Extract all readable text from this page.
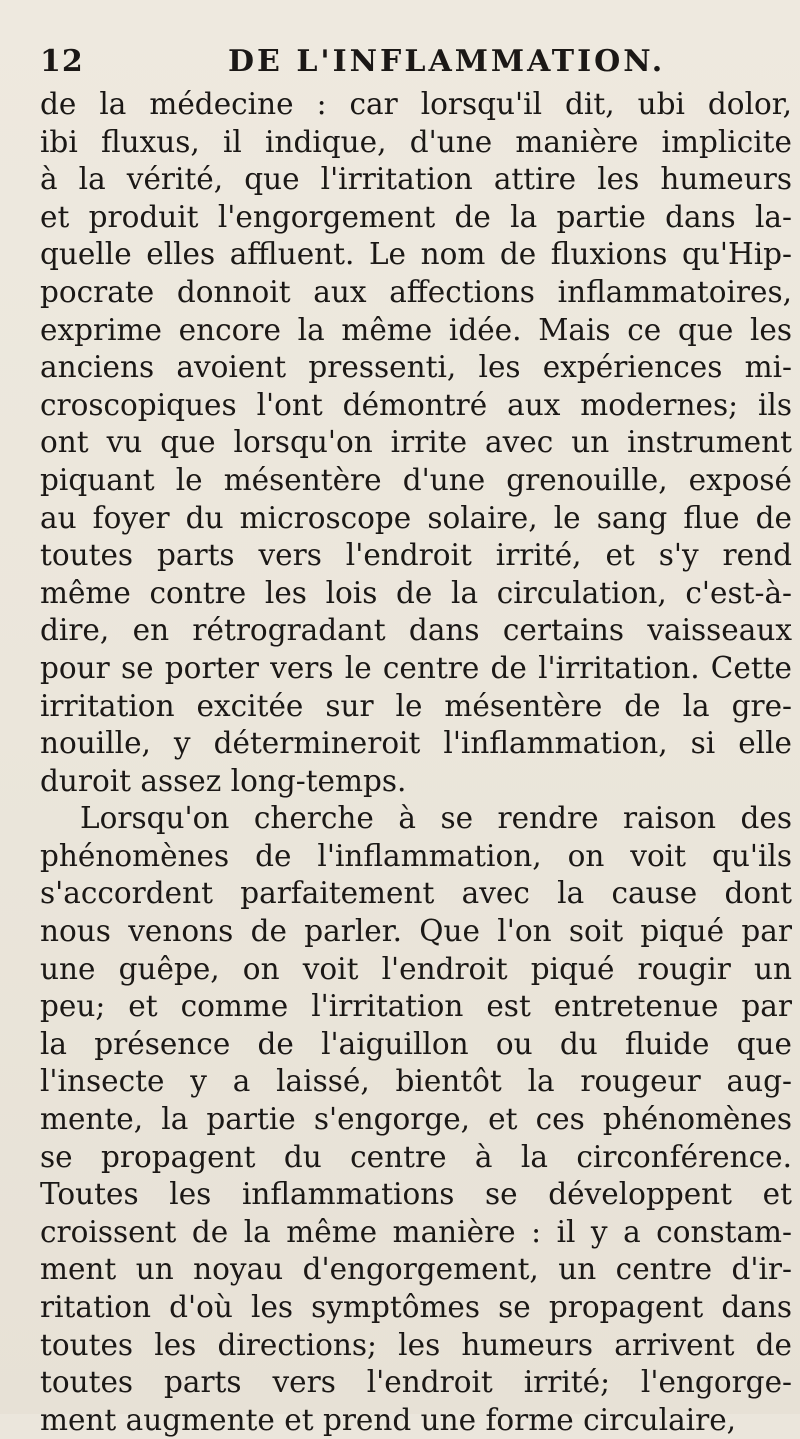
12	DE L'INFLAMMATION.
de la médecine : car lorsqu'il dit, ubi dolor,
ibi fluxus, il indique, d'une manière implicite
à la vérité, que l'irritation attire les humeurs
et produit l'engorgement de la partie dans la-
quelle elles affluent. Le nom de fluxions qu'Hip-
pocrate donnoit aux affections inflammatoires,
exprime encore la même idée. Mais ce que les
anciens avoient pressenti, les expériences mi-
croscopiques l'ont démontré aux modernes; ils
ont vu que lorsqu'on irrite avec un instrument
piquant le mésentère d'une grenouille, exposé
au foyer du microscope solaire, le sang flue de
toutes parts vers l'endroit irrité, et s'y rend
même contre les lois de la circulation, c'est-à-
dire, en rétrogradant dans certains vaisseaux
pour se porter vers le centre de l'irritation. Cette
irritation excitée sur le mésentère de la gre-
nouille, y détermineroit l'inflammation, si elle
duroit assez long-temps.
Lorsqu'on cherche à se rendre raison des
phénomènes de l'inflammation, on voit qu'ils
s'accordent parfaitement avec la cause dont
nous venons de parler. Que l'on soit piqué par
une guêpe, on voit l'endroit piqué rougir un
peu; et comme l'irritation est entretenue par
la présence de l'aiguillon ou du fluide que
l'insecte y a laissé, bientôt la rougeur aug-
mente, la partie s'engorge, et ces phénomènes
se propagent du centre à la circonférence.
Toutes les inflammations se développent et
croissent de la même manière : il y a constam-
ment un noyau d'engorgement, un centre d'ir-
ritation d'où les symptômes se propagent dans
toutes les directions; les humeurs arrivent de
toutes parts vers l'endroit irrité; l'engorge-
ment augmente et prend une forme circulaire,
